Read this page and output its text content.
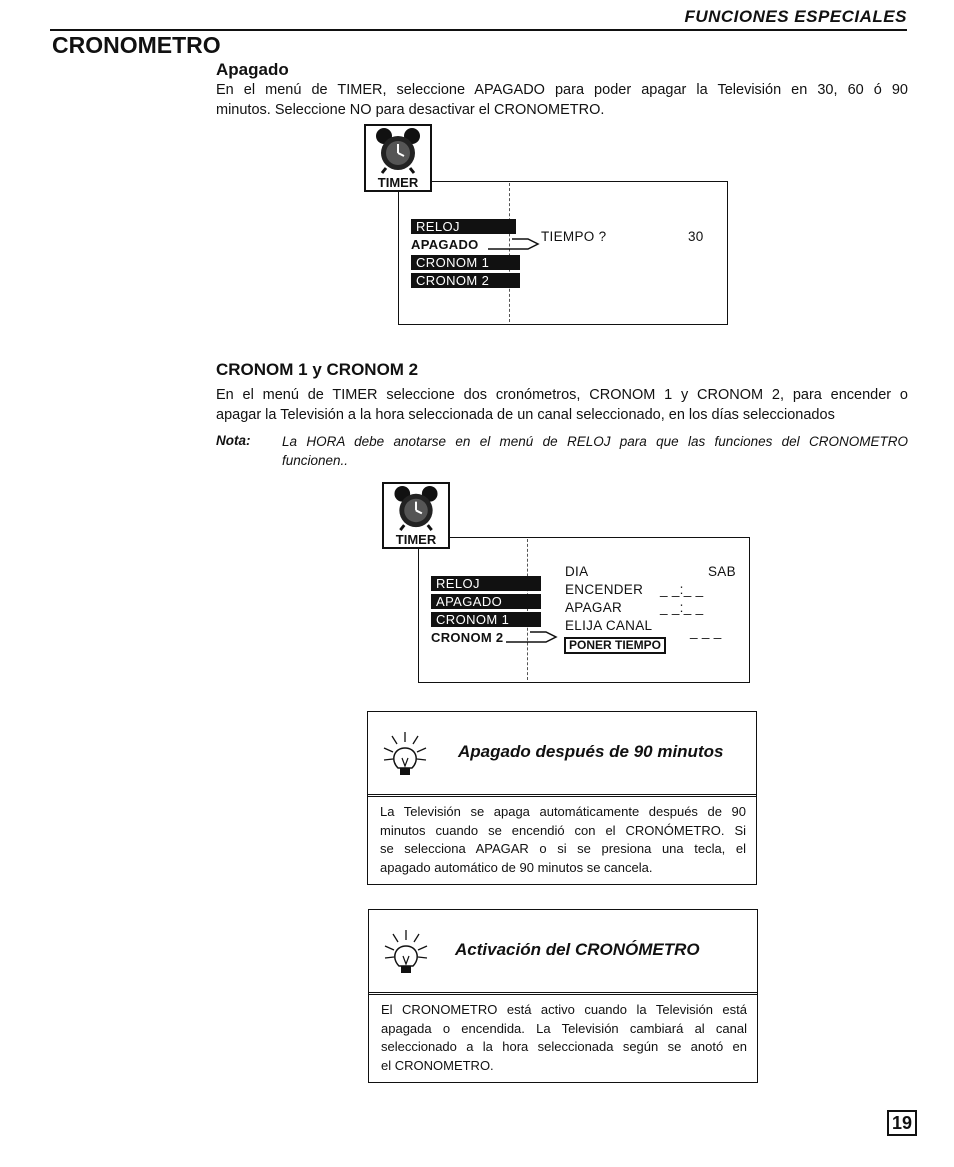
FUNCIONES ESPECIALES
CRONOMETRO
Apagado
En el menú de TIMER, seleccione APAGADO para poder apagar la Televisión en 30, 60 ó 90
minutos. Seleccione NO para desactivar el CRONOMETRO.
TIMER
RELOJ
APAGADO
CRONOM 1
CRONOM 2
TIEMPO ?	30
CRONOM 1 y CRONOM 2
En el menú de TIMER seleccione dos cronómetros, CRONOM 1 y CRONOM 2, para encender o
apagar la Televisión a la hora seleccionada de un canal seleccionado, en los días seleccionados
Nota: La HORA debe anotarse en el menú de RELOJ para que las funciones del CRONOMETRO
funcionen..
TIMER
RELOJ
APAGADO
CRONOM 1
CRONOM 2
DIA	SAB
ENCENDER _ _:_ _
APAGAR	_ _:_ _
ELIJA CANAL	_ _ _
PONER TIEMPO
Apagado después de 90 minutos
La Televisión se apaga automáticamente después de 90
minutos cuando se encendió con el CRONÓMETRO. Si
se selecciona APAGAR o si se presiona una tecla, el
apagado automático de 90 minutos se cancela.
Activación del CRONÓMETRO
El CRONOMETRO está activo cuando la Televisión está
apagada o encendida. La Televisión cambiará al canal
seleccionado a la hora seleccionada según se anotó en
el CRONOMETRO.
19
